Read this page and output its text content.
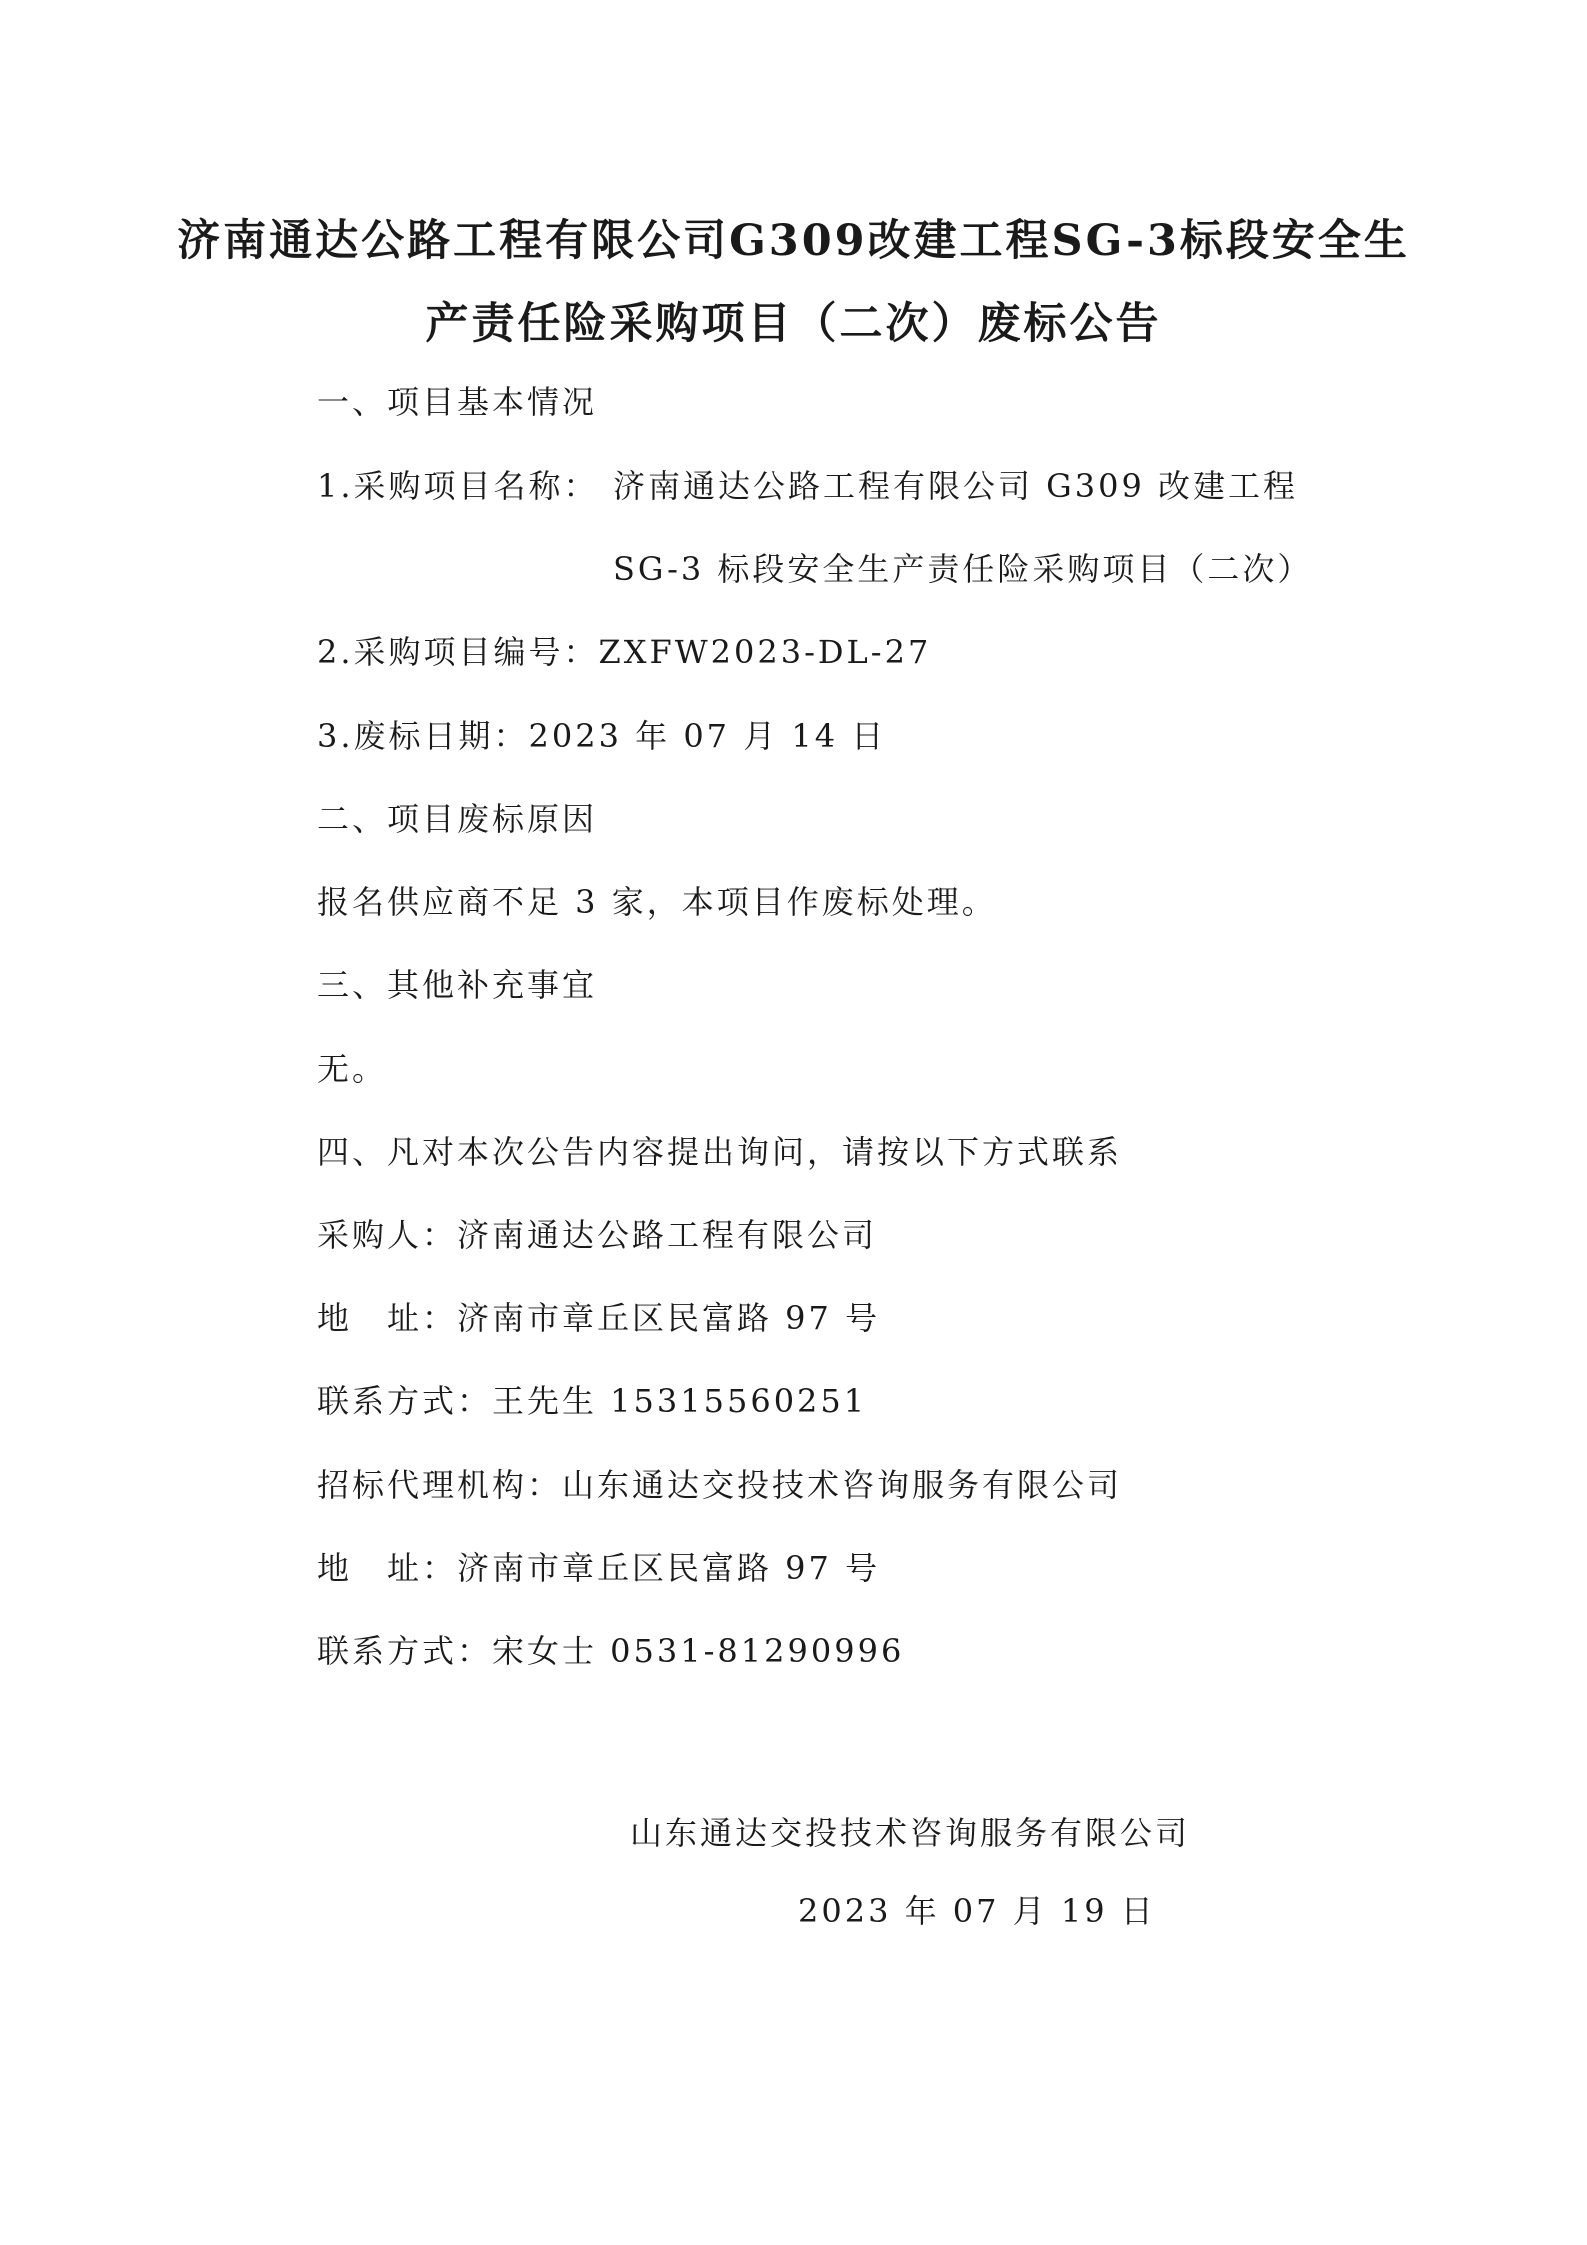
济南通达公路工程有限公司G309改建工程SG-3标段安全生
产责任险采购项目（二次）废标公告
一、项目基本情况
1.采购项目名称： 济南通达公路工程有限公司 G309 改建工程
SG-3 标段安全生产责任险采购项目（二次）
2.采购项目编号：ZXFW2023-DL-27
3.废标日期：2023 年 07 月 14 日
二、项目废标原因
报名供应商不足 3 家，本项目作废标处理。
三、其他补充事宜
无。
四、凡对本次公告内容提出询问，请按以下方式联系
采购人：济南通达公路工程有限公司
地　址：济南市章丘区民富路 97 号
联系方式：王先生 15315560251
招标代理机构：山东通达交投技术咨询服务有限公司
地　址：济南市章丘区民富路 97 号
联系方式：宋女士 0531-81290996
山东通达交投技术咨询服务有限公司
2023 年 07 月 19 日
